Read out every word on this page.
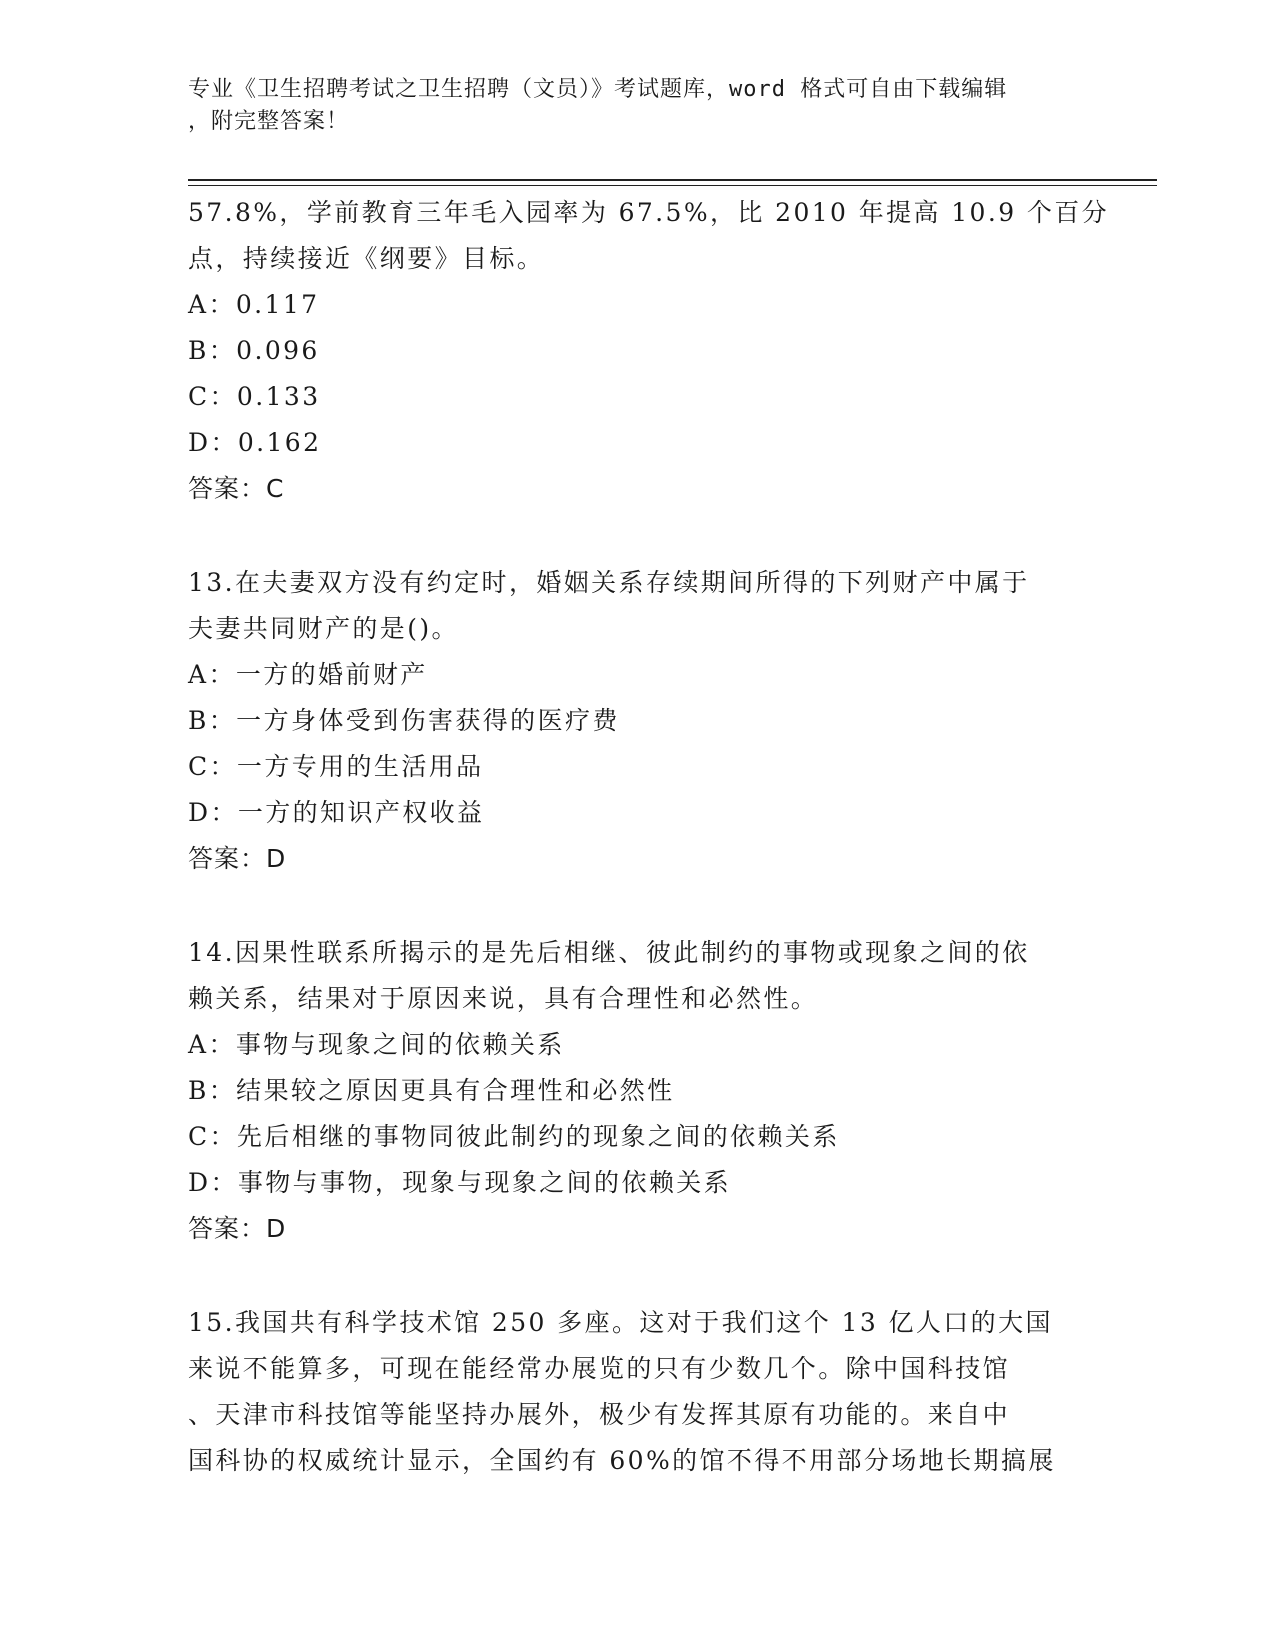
专业《卫生招聘考试之卫生招聘（文员）》考试题库，word 格式可自由下载编辑
，附完整答案！
57.8%，学前教育三年毛入园率为 67.5%，比 2010 年提高 10.9 个百分
点，持续接近《纲要》目标。
A：0.117
B：0.096
C：0.133
D：0.162
答案：C
13.在夫妻双方没有约定时，婚姻关系存续期间所得的下列财产中属于
夫妻共同财产的是()。
A：一方的婚前财产
B：一方身体受到伤害获得的医疗费
C：一方专用的生活用品
D：一方的知识产权收益
答案：D
14.因果性联系所揭示的是先后相继、彼此制约的事物或现象之间的依
赖关系，结果对于原因来说，具有合理性和必然性。
A：事物与现象之间的依赖关系
B：结果较之原因更具有合理性和必然性
C：先后相继的事物同彼此制约的现象之间的依赖关系
D：事物与事物，现象与现象之间的依赖关系
答案：D
15.我国共有科学技术馆 250 多座。这对于我们这个 13 亿人口的大国
来说不能算多，可现在能经常办展览的只有少数几个。除中国科技馆
、天津市科技馆等能坚持办展外，极少有发挥其原有功能的。来自中
国科协的权威统计显示，全国约有 60%的馆不得不用部分场地长期搞展
